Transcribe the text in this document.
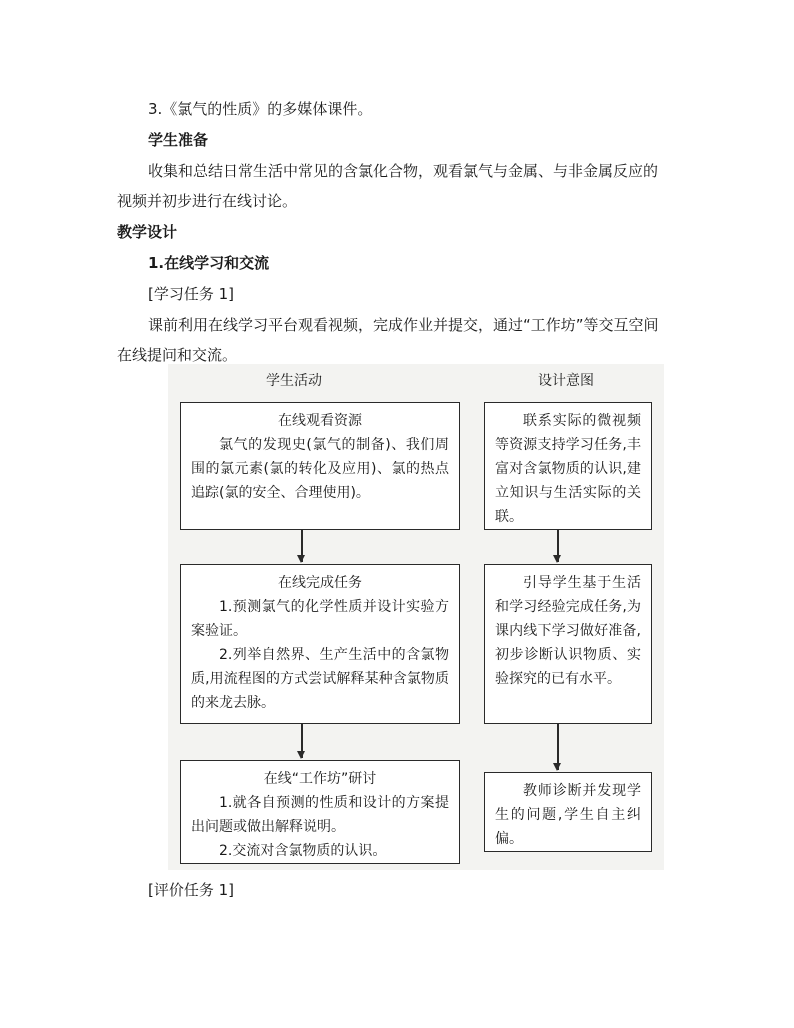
3.《氯气的性质》的多媒体课件。
学生准备
收集和总结日常生活中常见的含氯化合物，观看氯气与金属、与非金属反应的
视频并初步进行在线讨论。
教学设计
1.在线学习和交流
[学习任务 1]
课前利用在线学习平台观看视频，完成作业并提交，通过“工作坊”等交互空间
在线提问和交流。
学生活动	设计意图
在线观看资源

氯气的发现史(氯气的制备)、我们周围的氯元素(氯的转化及应用)、氯的热点追踪(氯的安全、合理使用)。

在线完成任务

1.预测氯气的化学性质并设计实验方案验证。

2.列举自然界、生产生活中的含氯物质,用流程图的方式尝试解释某种含氯物质的来龙去脉。

在线“工作坊”研讨

1.就各自预测的性质和设计的方案提出问题或做出解释说明。

2.交流对含氯物质的认识。

联系实际的微视频等资源支持学习任务,丰富对含氯物质的认识,建立知识与生活实际的关联。

引导学生基于生活和学习经验完成任务,为课内线下学习做好准备,初步诊断认识物质、实验探究的已有水平。

教师诊断并发现学生的问题,学生自主纠偏。

[评价任务 1]
